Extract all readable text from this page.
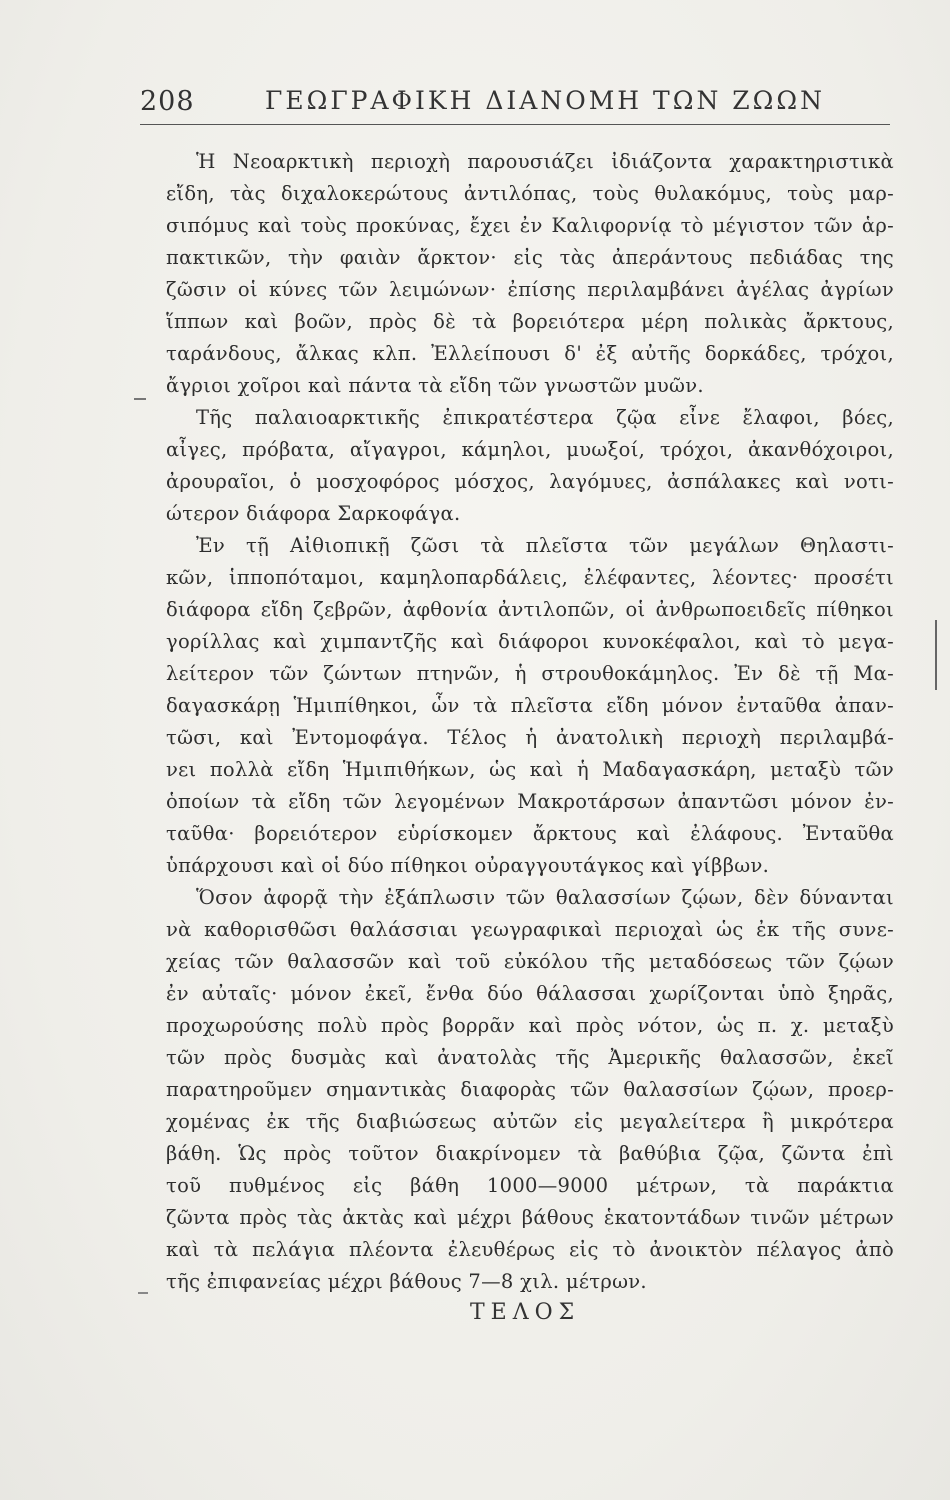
208	ΓΕΩΓΡΑΦΙΚΗ ΔΙΑΝΟΜΗ ΤΩΝ ΖΩΩΝ
Ἡ Νεοαρκτικὴ περιοχὴ παρουσιάζει ἰδιάζοντα χαρακτηριστικὰ
εἴδη, τὰς διχαλοκερώτους ἀντιλόπας, τοὺς θυλακόμυς, τοὺς μαρ-
σιπόμυς καὶ τοὺς προκύνας, ἔχει ἐν Καλιφορνίᾳ τὸ μέγιστον τῶν ἁρ-
πακτικῶν, τὴν φαιὰν ἄρκτον· εἰς τὰς ἀπεράντους πεδιάδας της
ζῶσιν οἱ κύνες τῶν λειμώνων· ἐπίσης περιλαμβάνει ἀγέλας ἀγρίων
ἵππων καὶ βοῶν, πρὸς δὲ τὰ βορειότερα μέρη πολικὰς ἄρκτους,
ταράνδους, ἄλκας κλπ. Ἐλλείπουσι δ' ἐξ αὐτῆς δορκάδες, τρόχοι,
ἄγριοι χοῖροι καὶ πάντα τὰ εἴδη τῶν γνωστῶν μυῶν.
Τῆς παλαιοαρκτικῆς ἐπικρατέστερα ζῷα εἶνε ἔλαφοι, βόες,
αἶγες, πρόβατα, αἴγαγροι, κάμηλοι, μυωξοί, τρόχοι, ἀκανθόχοιροι,
ἀρουραῖοι, ὁ μοσχοφόρος μόσχος, λαγόμυες, ἀσπάλακες καὶ νοτι-
ώτερον διάφορα Σαρκοφάγα.
Ἐν τῇ Αἰθιοπικῇ ζῶσι τὰ πλεῖστα τῶν μεγάλων Θηλαστι-
κῶν, ἱπποπόταμοι, καμηλοπαρδάλεις, ἐλέφαντες, λέοντες· προσέτι
διάφορα εἴδη ζεβρῶν, ἀφθονία ἀντιλοπῶν, οἱ ἀνθρωποειδεῖς πίθηκοι
γορίλλας καὶ χιμπαντζῆς καὶ διάφοροι κυνοκέφαλοι, καὶ τὸ μεγα-
λείτερον τῶν ζώντων πτηνῶν, ἡ στρουθοκάμηλος. Ἐν δὲ τῇ Μα-
δαγασκάρῃ Ἡμιπίθηκοι, ὧν τὰ πλεῖστα εἴδη μόνον ἐνταῦθα ἀπαν-
τῶσι, καὶ Ἐντομοφάγα. Τέλος ἡ ἀνατολικὴ περιοχὴ περιλαμβά-
νει πολλὰ εἴδη Ἡμιπιθήκων, ὡς καὶ ἡ Μαδαγασκάρη, μεταξὺ τῶν
ὁποίων τὰ εἴδη τῶν λεγομένων Μακροτάρσων ἀπαντῶσι μόνον ἐν-
ταῦθα· βορειότερον εὑρίσκομεν ἄρκτους καὶ ἐλάφους. Ἐνταῦθα
ὑπάρχουσι καὶ οἱ δύο πίθηκοι οὐραγγουτάγκος καὶ γίββων.
Ὅσον ἀφορᾷ τὴν ἐξάπλωσιν τῶν θαλασσίων ζῴων, δὲν δύνανται
νὰ καθορισθῶσι θαλάσσιαι γεωγραφικαὶ περιοχαὶ ὡς ἐκ τῆς συνε-
χείας τῶν θαλασσῶν καὶ τοῦ εὐκόλου τῆς μεταδόσεως τῶν ζῴων
ἐν αὐταῖς· μόνον ἐκεῖ, ἔνθα δύο θάλασσαι χωρίζονται ὑπὸ ξηρᾶς,
προχωρούσης πολὺ πρὸς βορρᾶν καὶ πρὸς νότον, ὡς π. χ. μεταξὺ
τῶν πρὸς δυσμὰς καὶ ἀνατολὰς τῆς Ἀμερικῆς θαλασσῶν, ἐκεῖ
παρατηροῦμεν σημαντικὰς διαφορὰς τῶν θαλασσίων ζῴων, προερ-
χομένας ἐκ τῆς διαβιώσεως αὐτῶν εἰς μεγαλείτερα ἢ μικρότερα
βάθη. Ὡς πρὸς τοῦτον διακρίνομεν τὰ βαθύβια ζῷα, ζῶντα ἐπὶ
τοῦ πυθμένος εἰς βάθη 1000—9000 μέτρων, τὰ παράκτια
ζῶντα πρὸς τὰς ἀκτὰς καὶ μέχρι βάθους ἑκατοντάδων τινῶν μέτρων
καὶ τὰ πελάγια πλέοντα ἐλευθέρως εἰς τὸ ἀνοικτὸν πέλαγος ἀπὸ
τῆς ἐπιφανείας μέχρι βάθους 7—8 χιλ. μέτρων.
ΤΕΛΟΣ
